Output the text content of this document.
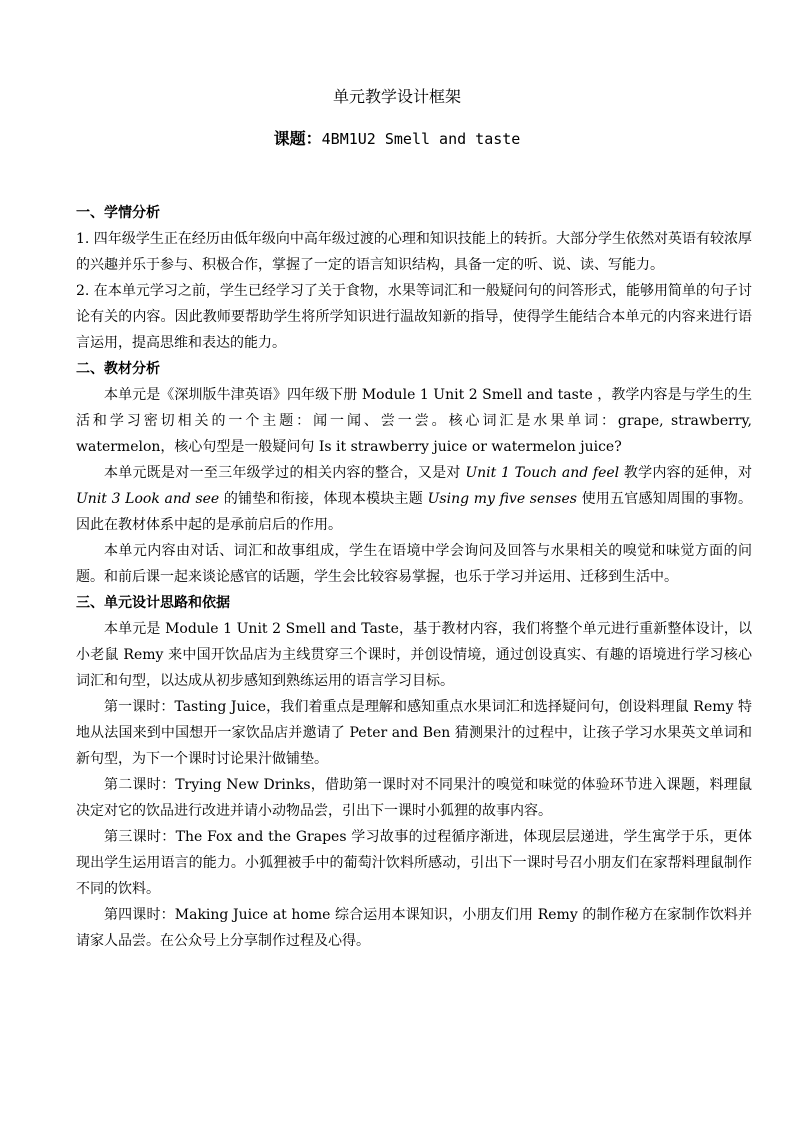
单元教学设计框架
课题：4BM1U2 Smell and taste
一、学情分析

1. 四年级学生正在经历由低年级向中高年级过渡的心理和知识技能上的转折。大部分学生依然对英语有较浓厚的兴趣并乐于参与、积极合作，掌握了一定的语言知识结构，具备一定的听、说、读、写能力。

2. 在本单元学习之前，学生已经学习了关于食物，水果等词汇和一般疑问句的问答形式，能够用简单的句子讨论有关的内容。因此教师要帮助学生将所学知识进行温故知新的指导，使得学生能结合本单元的内容来进行语言运用，提高思维和表达的能力。

二、教材分析

本单元是《深圳版牛津英语》四年级下册 Module 1 Unit 2 Smell and taste ，教学内容是与学生的生活和学习密切相关的一个主题：闻一闻、尝一尝。核心词汇是水果单词：grape, strawberry, watermelon，核心句型是一般疑问句 Is it strawberry juice or watermelon juice?

本单元既是对一至三年级学过的相关内容的整合，又是对 Unit 1 Touch and feel 教学内容的延伸，对 Unit 3 Look and see 的铺垫和衔接，体现本模块主题 Using my five senses 使用五官感知周围的事物。因此在教材体系中起的是承前启后的作用。

本单元内容由对话、词汇和故事组成，学生在语境中学会询问及回答与水果相关的嗅觉和味觉方面的问题。和前后课一起来谈论感官的话题，学生会比较容易掌握，也乐于学习并运用、迁移到生活中。

三、单元设计思路和依据

本单元是 Module 1 Unit 2 Smell and Taste，基于教材内容，我们将整个单元进行重新整体设计，以小老鼠 Remy 来中国开饮品店为主线贯穿三个课时，并创设情境，通过创设真实、有趣的语境进行学习核心词汇和句型，以达成从初步感知到熟练运用的语言学习目标。

第一课时：Tasting Juice，我们着重点是理解和感知重点水果词汇和选择疑问句，创设料理鼠 Remy 特地从法国来到中国想开一家饮品店并邀请了 Peter and Ben 猜测果汁的过程中，让孩子学习水果英文单词和新句型，为下一个课时讨论果汁做铺垫。

第二课时：Trying New Drinks，借助第一课时对不同果汁的嗅觉和味觉的体验环节进入课题，料理鼠决定对它的饮品进行改进并请小动物品尝，引出下一课时小狐狸的故事内容。

第三课时：The Fox and the Grapes 学习故事的过程循序渐进，体现层层递进，学生寓学于乐，更体现出学生运用语言的能力。小狐狸被手中的葡萄汁饮料所感动，引出下一课时号召小朋友们在家帮料理鼠制作不同的饮料。

第四课时：Making Juice at home 综合运用本课知识，小朋友们用 Remy 的制作秘方在家制作饮料并请家人品尝。在公众号上分享制作过程及心得。
